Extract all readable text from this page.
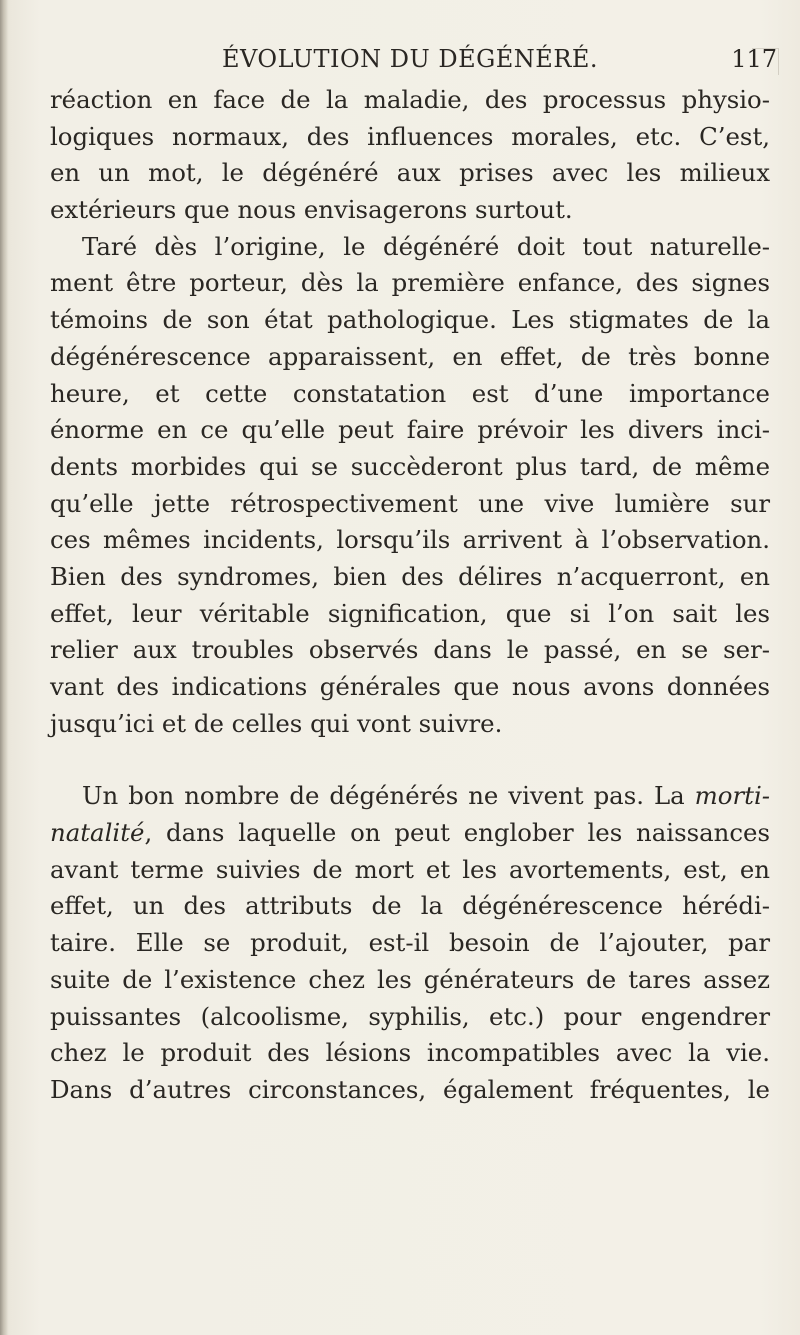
ÉVOLUTION DU DÉGÉNÉRÉ.	117
réaction en face de la maladie, des processus physio-
logiques normaux, des influences morales, etc. C’est,
en un mot, le dégénéré aux prises avec les milieux
extérieurs que nous envisagerons surtout.
Taré dès l’origine, le dégénéré doit tout naturelle-
ment être porteur, dès la première enfance, des signes
témoins de son état pathologique. Les stigmates de la
dégénérescence apparaissent, en effet, de très bonne
heure, et cette constatation est d’une importance
énorme en ce qu’elle peut faire prévoir les divers inci-
dents morbides qui se succèderont plus tard, de même
qu’elle jette rétrospectivement une vive lumière sur
ces mêmes incidents, lorsqu’ils arrivent à l’observation.
Bien des syndromes, bien des délires n’acquerront, en
effet, leur véritable signification, que si l’on sait les
relier aux troubles observés dans le passé, en se ser-
vant des indications générales que nous avons données
jusqu’ici et de celles qui vont suivre.
Un bon nombre de dégénérés ne vivent pas. La morti-
natalité, dans laquelle on peut englober les naissances
avant terme suivies de mort et les avortements, est, en
effet, un des attributs de la dégénérescence hérédi-
taire. Elle se produit, est-il besoin de l’ajouter, par
suite de l’existence chez les générateurs de tares assez
puissantes (alcoolisme, syphilis, etc.) pour engendrer
chez le produit des lésions incompatibles avec la vie.
Dans d’autres circonstances, également fréquentes, le
